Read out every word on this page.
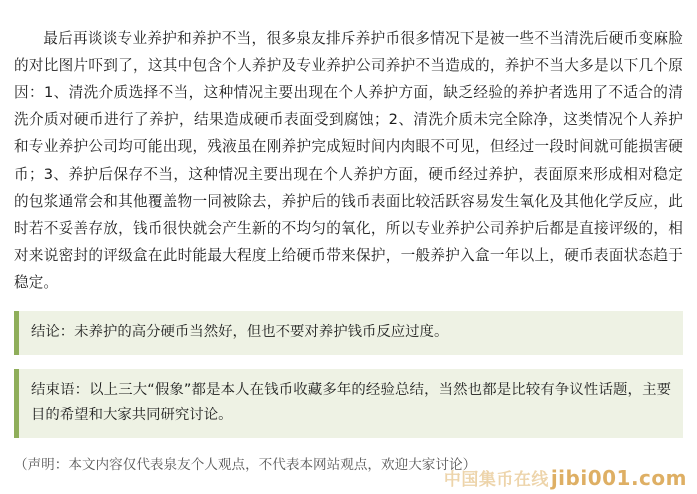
最后再谈谈专业养护和养护不当，很多泉友排斥养护币很多情况下是被一些不当清洗后硬币变麻脸的对比图片吓到了，这其中包含个人养护及专业养护公司养护不当造成的，养护不当大多是以下几个原因：1、清洗介质选择不当，这种情况主要出现在个人养护方面，缺乏经验的养护者选用了不适合的清洗介质对硬币进行了养护，结果造成硬币表面受到腐蚀；2、清洗介质未完全除净，这类情况个人养护和专业养护公司均可能出现，残液虽在刚养护完成短时间内肉眼不可见，但经过一段时间就可能损害硬币；3、养护后保存不当，这种情况主要出现在个人养护方面，硬币经过养护，表面原来形成相对稳定的包浆通常会和其他覆盖物一同被除去，养护后的钱币表面比较活跃容易发生氧化及其他化学反应，此时若不妥善存放，钱币很快就会产生新的不均匀的氧化，所以专业养护公司养护后都是直接评级的，相对来说密封的评级盒在此时能最大程度上给硬币带来保护，一般养护入盒一年以上，硬币表面状态趋于稳定。

结论：未养护的高分硬币当然好，但也不要对养护钱币反应过度。
结束语：以上三大“假象”都是本人在钱币收藏多年的经验总结，当然也都是比较有争议性话题，主要目的希望和大家共同研究讨论。

（声明：本文内容仅代表泉友个人观点，不代表本网站观点，欢迎大家讨论）

中国集币在线 jibi001.com
